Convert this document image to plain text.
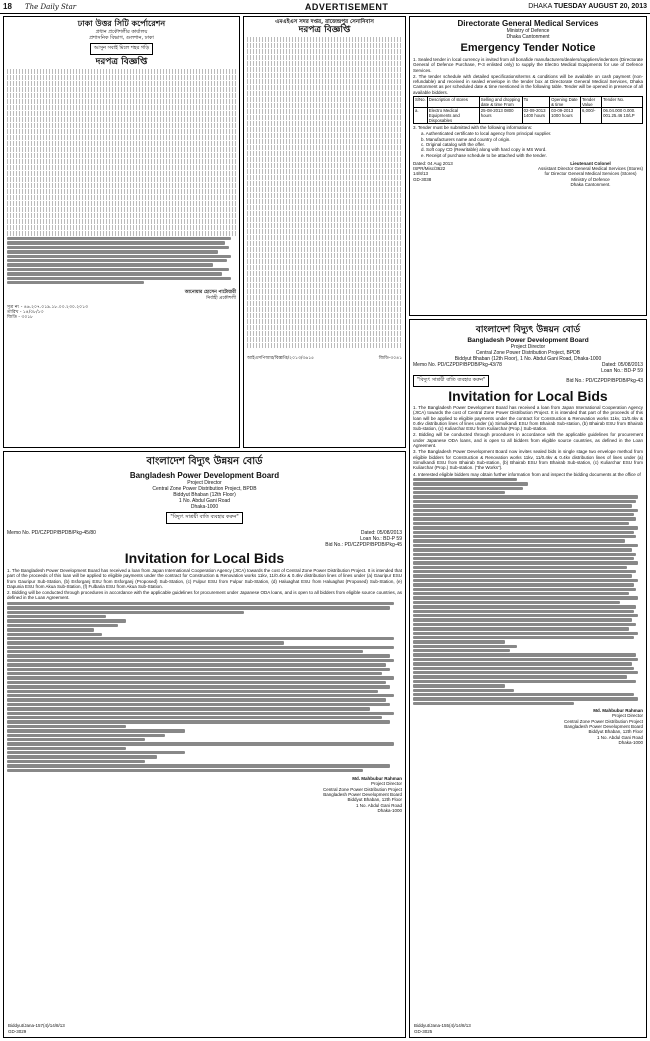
18	The Daily Star	ADVERTISEMENT	DHAKA TUESDAY AUGUST 20, 2013
ঢাকা উত্তর সিটি কর্পোরেশন
প্রধান প্রকৌশলীর কার্যালয়
প্রশাসনিক বিভাগ, গুলশান, ঢাকা
আসুন সবাই মিলে শহর গড়ি
দরপত্র বিজ্ঞপ্তি
আনোয়ার হোসেন পাটোয়ারী
নির্বাহী প্রকৌশলী
সূত্র নং - ৪৬.২০৭.০১৯.১৮.০০.২৩০.২০১৩
তারিখ - ১৪/০৮/১৩
জিডি - ৩০১৮
এমএইএস সদর দপ্তর, রাজেন্দ্রপুর সেনানিবাস
দরপত্র বিজ্ঞপ্তি
আইএসপিআর/বিজ্ঞপ্তি/২০১৩/৩৬১৫	জিডি-৩০৪১
Directorate General Medical Services
Ministry of Defence
Dhaka Cantonment
Emergency Tender Notice
1. Sealed tender in local currency is invited from all bonafide manufacturers/dealers/suppliers/indentors (Directorate General of Defence Purchase, P-3 enlisted only) to supply the Electro Medical Equipments for use of Defence Services.
2. The tender schedule with detailed specifications/terms & conditions will be available on cash payment (non-refundable) and received in sealed envelope in the tender box at Directorate General Medical Services, Dhaka Cantonment as per scheduled date & time mentioned in the following table. Tender will be opened in presence of all available bidders.
S/No.	Description of stores	Selling and dropping date & time From	To	Opening Date & time	Tender Value	Tender No.
a.	Electro Medical Equipments and Disposables	25-08-2013 0800 hours	02-09-2013 1400 hours	03-09-2013 1000 hours	6,000/-	06.04.000 0.000. 001.25.46 10/LP
3. Tender must be submitted with the following informations:
a. Authenticated certificate to local agency from principal supplier.
b. Manufacturers name and country of origin.
c. Original catalog with the offer.
d. Soft copy CD (Rewritable) along with hard copy in MS Word.
e. Receipt of purchase schedule to be attached with the tender.
Dated: 04 Aug 2013
ISPR/Misc/3622
14/8/13
GD-3038
Lieutenant Colonel
Assistant Director General Medical Services (Stores)
for Director General Medical Services (Stores)
Ministry of Defence
Dhaka Cantonment.
বাংলাদেশ বিদ্যুৎ উন্নয়ন বোর্ড
Bangladesh Power Development Board
Project Director
Central Zone Power Distribution Project, BPDB
Biddyut Bhaban (12th Floor), 1 No. Abdul Gani Road, Dhaka-1000
Memo No. PD/CZPDP/BPDB/Pkg-43/78	Dated: 05/08/2013
Loan No.: BD-P 59
"বিদ্যুৎ সাশ্রয়ী বাতি ব্যবহার করুন"	Bid No.: PD/CZPDP/BPDB/Pkg-43
Invitation for Local Bids
1. The Bangladesh Power Development Board has received a loan from Japan International Cooperation Agency (JICA) towards the cost of Central Zone Power Distribution Project. It is intended that part of the proceeds of this loan will be applied to eligible payments under the contract for Construction & Renovation works 11kv, 11/0.4kv & 0.4kv distribution lines of lines under (a) Simulkandi ESU from Bhairab Sub-station, (b) Bhairab ESU from Bhairab Sub-station, (c) Kuliarchar ESU from Kuliarchar (Prop.) Sub-station.
2. Bidding will be conducted through procedures in accordance with the applicable guidelines for procurement under Japanese ODA loans, and is open to all bidders from eligible source countries, as defined in the Loan Agreement.
3. The Bangladesh Power Development Board now invites sealed bids in single stage two envelope method from eligible bidders for Construction & Renovation works 11kv, 11/0.4kv & 0.4kv distribution lines of lines under (a) Simulkandi ESU from Bhairab Sub-station, (b) Bhairab ESU from Bhairab Sub-station, (c) Kuliarchar ESU from Kuliarchar (Prop.) Sub-station. ("the Works").
4. Interested eligible bidders may obtain further information from and inspect the bidding documents at the office of
Md. Mahbubur Rahman
Project Director
Central Zone Power Distribution Project
Bangladesh Power Development Board
Biddyut Bhaban, 12th Floor
1 No. Abdul Gani Road
Dhaka-1000
Biddyut/Jana-155(4)/14/8/13
GD-3025
বাংলাদেশ বিদ্যুৎ উন্নয়ন বোর্ড
Bangladesh Power Development Board
Project Director
Central Zone Power Distribution Project, BPDB
Biddyut Bhaban (12th Floor)
1 No. Abdul Gani Road
Dhaka-1000
"বিদ্যুৎ সাশ্রয়ী বাতি ব্যবহার করুন"
Memo No. PD/CZPDP/BPDB/Pkg-45/80	Dated: 05/08/2013
Loan No.: BD-P 59
Bid No.: PD/CZPDP/BPDB/Pkg-45
Invitation for Local Bids
1. The Bangladesh Power Development Board has received a loan from Japan International Cooperation Agency (JICA) towards the cost of Central Zone Power Distribution Project. It is intended that part of the proceeds of this loan will be applied to eligible payments under the contract for Construction & Renovation works 11kv, 11/0.4kv & 0.4kv distribution lines of lines under (a) Gauripur ESU from Gauripur Sub-Station, (b) Esforganj ESU from Esforganj (Proposed) Sub-Station, (c) Fulpur ESU from Fulpur Sub-Station, (d) Haluaghat ESU from Haluaghat (Proposed) Sub-Station, (e) Dapunia ESU from Akua Sub-Station, (f) Fulbaria ESU from Akua Sub-Station.
2. Bidding will be conducted through procedures in accordance with the applicable guidelines for procurement under Japanese ODA loans, and is open to all bidders from eligible source countries, as defined in the Loan Agreement.
Md. Mahbubur Rahman
Project Director
Central Zone Power Distribution Project
Bangladesh Power Development Board
Biddyut Bhaban, 12th Floor
1 No. Abdul Gani Road
Dhaka-1000
Biddyut/Jana-157(4)/14/8/13
GD-3029
